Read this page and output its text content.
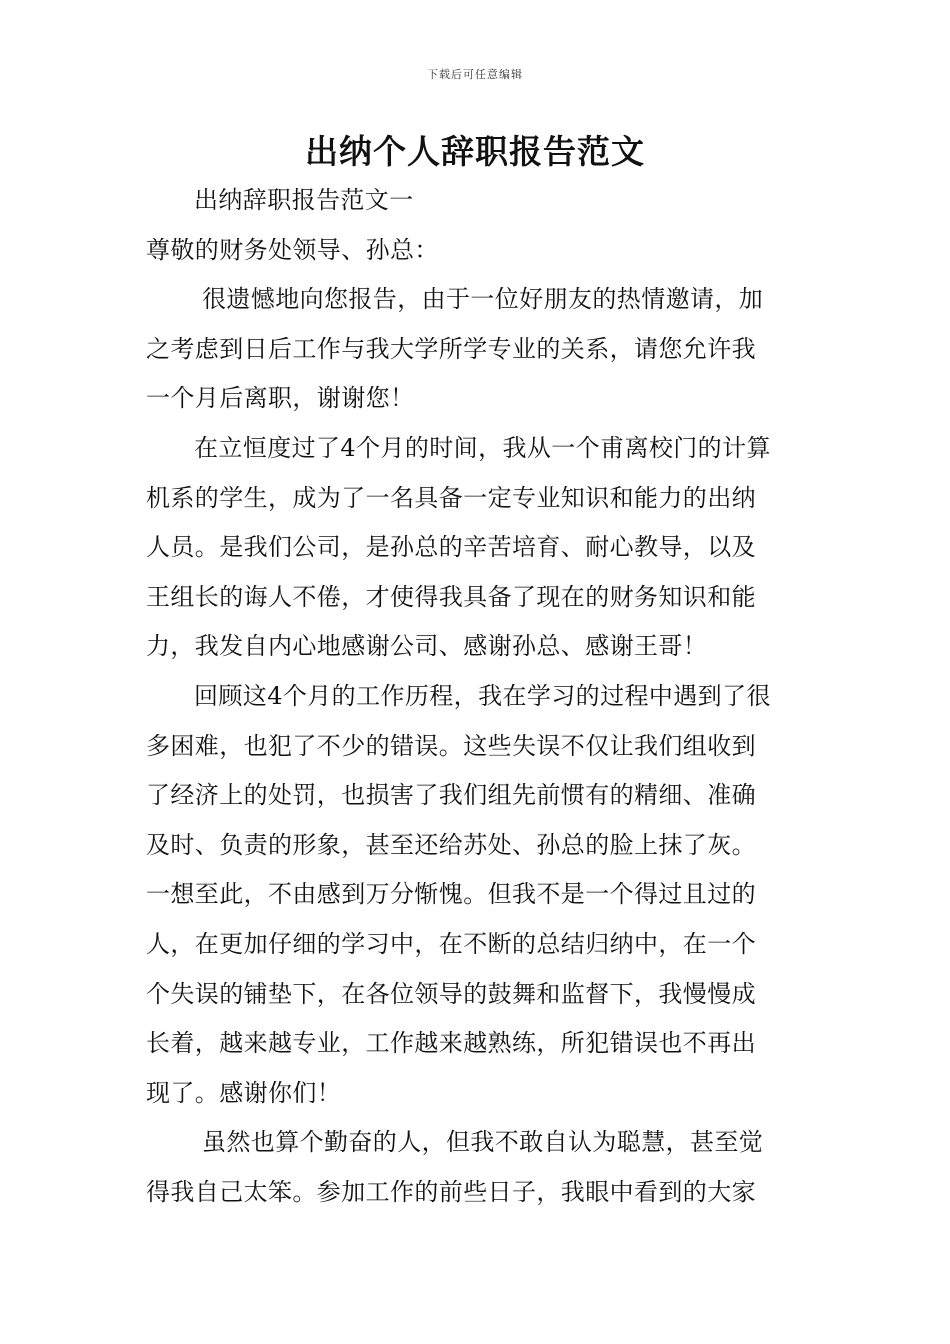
下载后可任意编辑
出纳个人辞职报告范文
出纳辞职报告范文一
尊敬的财务处领导、孙总：
很遗憾地向您报告，由于一位好朋友的热情邀请，加
之考虑到日后工作与我大学所学专业的关系，请您允许我
一个月后离职，谢谢您！
在立恒度过了4个月的时间，我从一个甫离校门的计算
机系的学生，成为了一名具备一定专业知识和能力的出纳
人员。是我们公司，是孙总的辛苦培育、耐心教导，以及
王组长的诲人不倦，才使得我具备了现在的财务知识和能
力，我发自内心地感谢公司、感谢孙总、感谢王哥！
回顾这4个月的工作历程，我在学习的过程中遇到了很
多困难，也犯了不少的错误。这些失误不仅让我们组收到
了经济上的处罚，也损害了我们组先前惯有的精细、准确
及时、负责的形象，甚至还给苏处、孙总的脸上抹了灰。
一想至此，不由感到万分惭愧。但我不是一个得过且过的
人，在更加仔细的学习中，在不断的总结归纳中，在一个
个失误的铺垫下，在各位领导的鼓舞和监督下，我慢慢成
长着，越来越专业，工作越来越熟练，所犯错误也不再出
现了。感谢你们！
虽然也算个勤奋的人，但我不敢自认为聪慧，甚至觉
得我自己太笨。参加工作的前些日子，我眼中看到的大家
